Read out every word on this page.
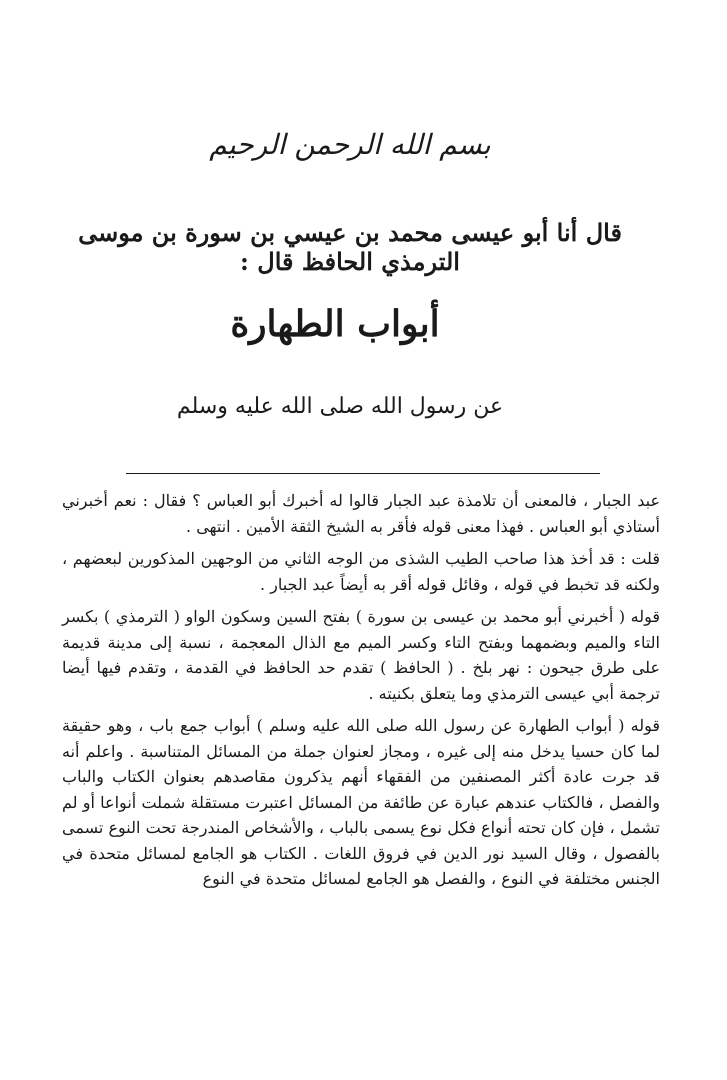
بسم الله الرحمن الرحيم
قال أنا أبو عيسى محمد بن عيسي بن سورة بن موسى الترمذي الحافظ قال :
أبواب الطهارة
عن رسول الله صلى الله عليه وسلم

عبد الجبار ، فالمعنى أن تلامذة عبد الجبار قالوا له أخبرك أبو العباس ؟ فقال : نعم أخبرني أستاذي أبو العباس . فهذا معنى قوله فأقر به الشيخ الثقة الأمين . انتهى .

قلت : قد أخذ هذا صاحب الطيب الشذى من الوجه الثاني من الوجهين المذكورين لبعضهم ، ولكنه قد تخبط في قوله ، وقائل قوله أقر به أيضاً عبد الجبار .

قوله ( أخبرني أبو محمد بن عيسى بن سورة ) بفتح السين وسكون الواو ( الترمذي ) بكسر التاء والميم وبضمهما وبفتح التاء وكسر الميم مع الذال المعجمة ، نسبة إلى مدينة قديمة على طرق جيحون : نهر بلخ . ( الحافظ ) تقدم حد الحافظ في القدمة ، وتقدم فيها أيضا ترجمة أبي عيسى الترمذي وما يتعلق بكنيته .

قوله ( أبواب الطهارة عن رسول الله صلى الله عليه وسلم ) أبواب جمع باب ، وهو حقيقة لما كان حسيا يدخل منه إلى غيره ، ومجاز لعنوان جملة من المسائل المتناسبة . واعلم أنه قد جرت عادة أكثر المصنفين من الفقهاء أنهم يذكرون مقاصدهم بعنوان الكتاب والباب والفصل ، فالكتاب عندهم عبارة عن طائفة من المسائل اعتبرت مستقلة شملت أنواعا أو لم تشمل ، فإن كان تحته أنواع فكل نوع يسمى بالباب ، والأشخاص المندرجة تحت النوع تسمى بالفصول ، وقال السيد نور الدين في فروق اللغات . الكتاب هو الجامع لمسائل متحدة في الجنس مختلفة في النوع ، والفصل هو الجامع لمسائل متحدة في النوع
